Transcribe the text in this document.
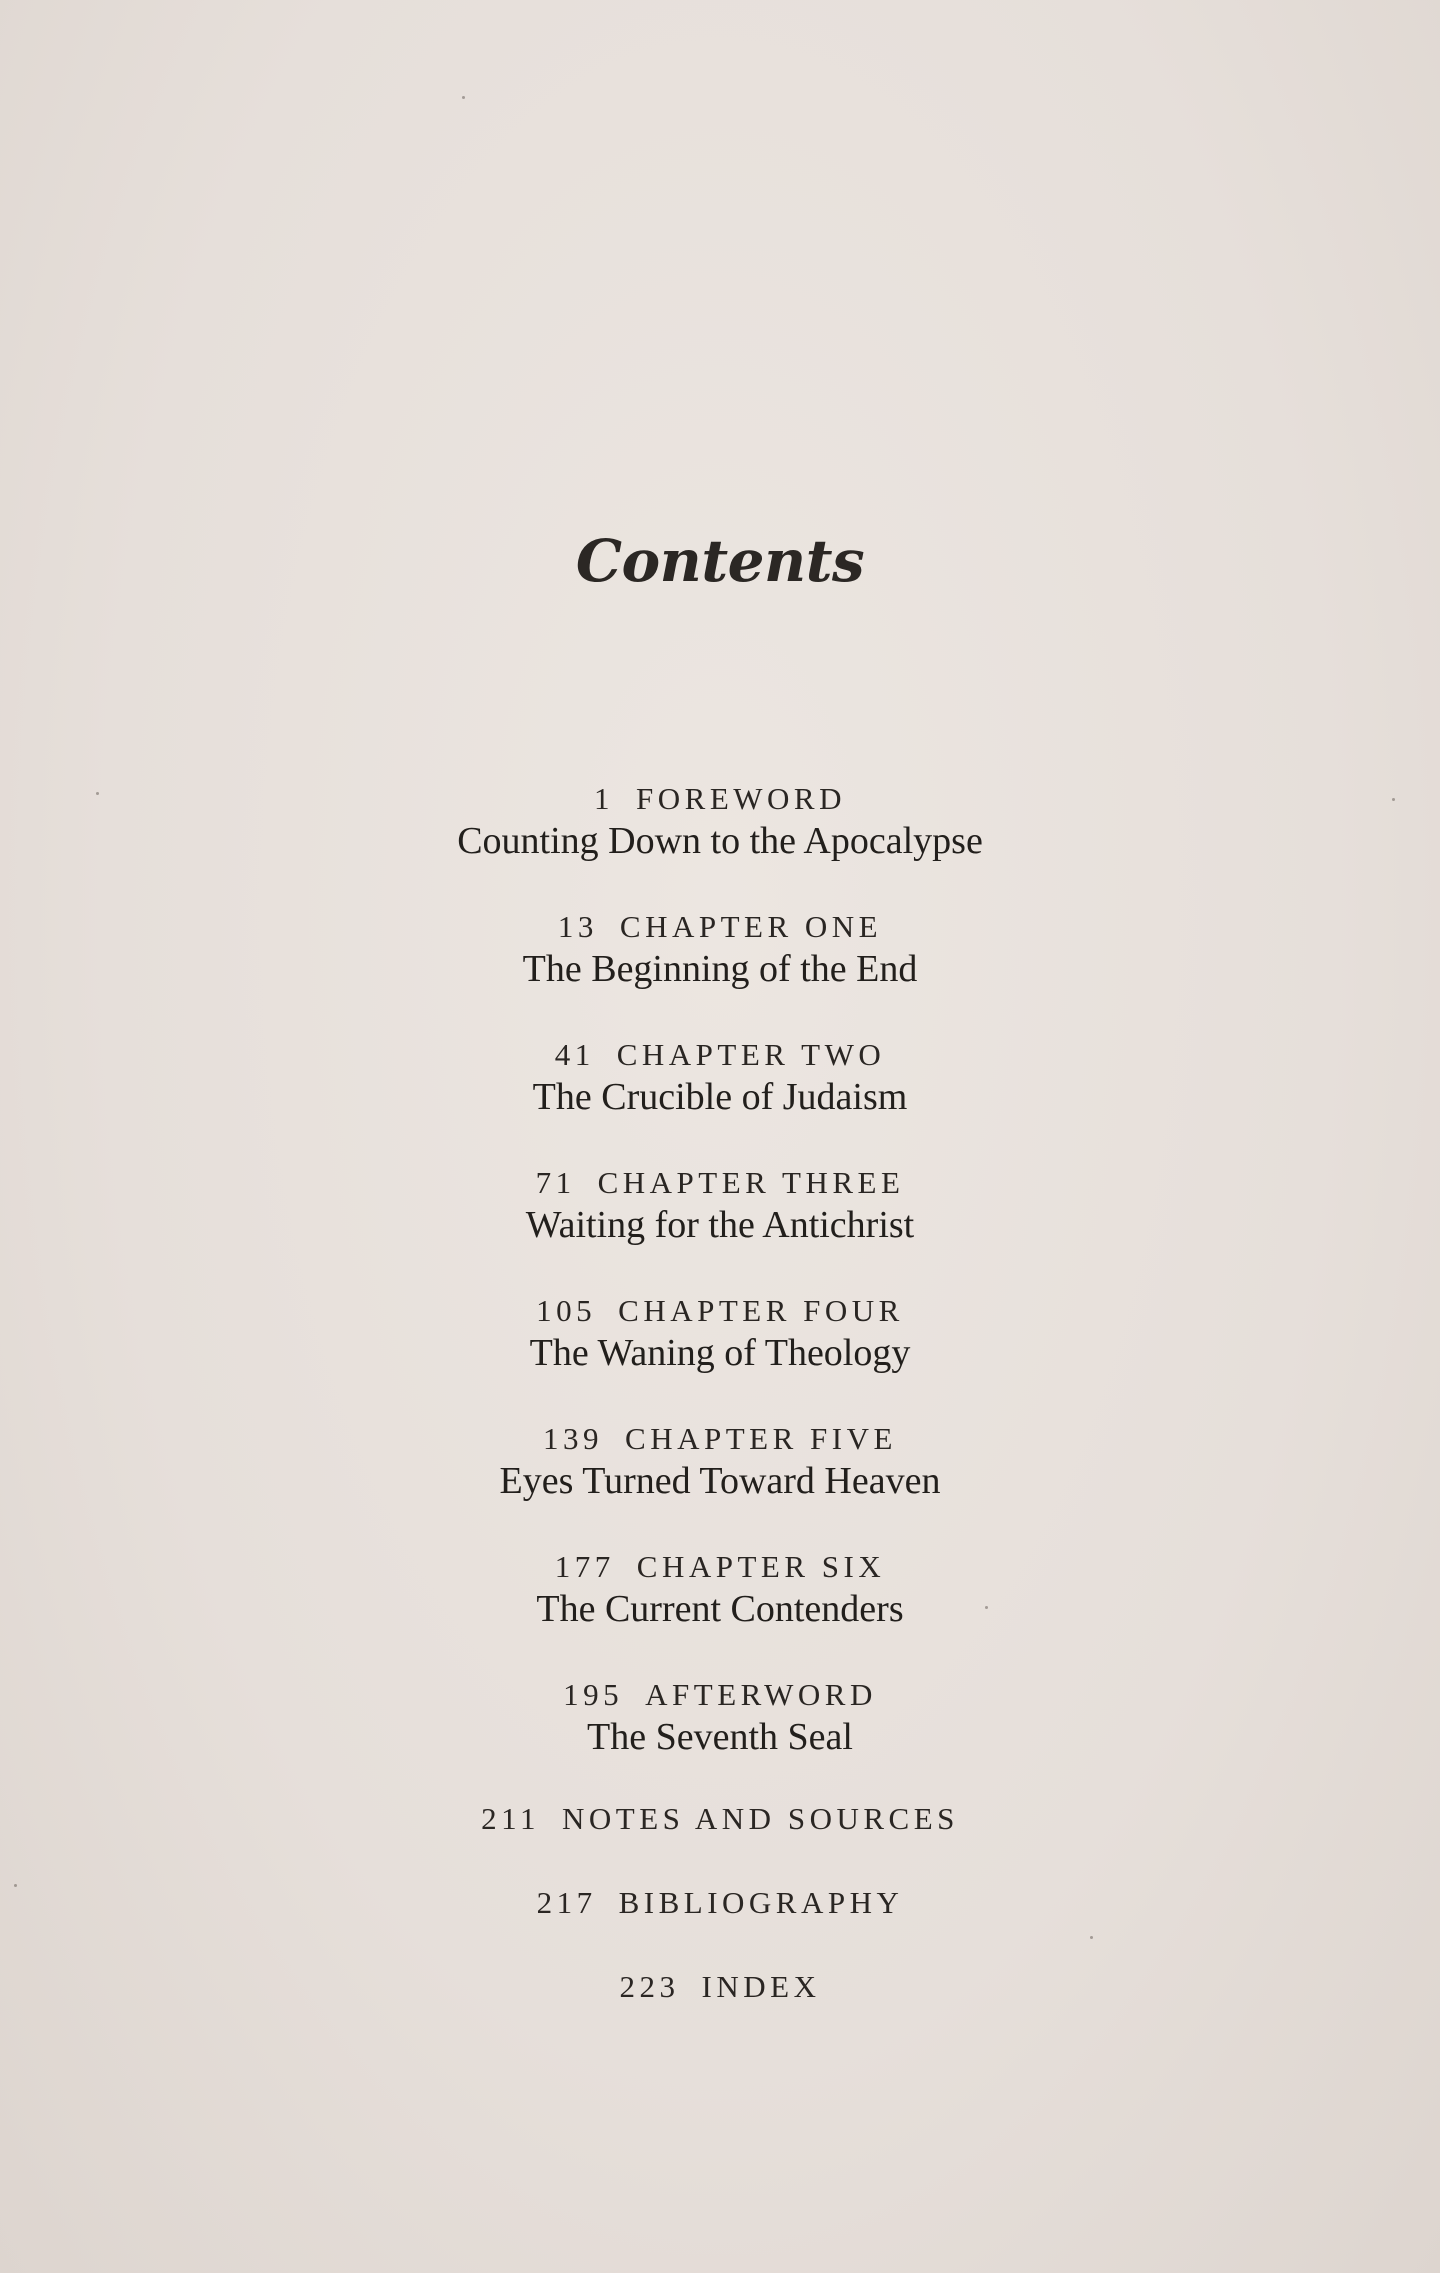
Contents
1 FOREWORD
Counting Down to the Apocalypse
13 CHAPTER ONE
The Beginning of the End
41 CHAPTER TWO
The Crucible of Judaism
71 CHAPTER THREE
Waiting for the Antichrist
105 CHAPTER FOUR
The Waning of Theology
139 CHAPTER FIVE
Eyes Turned Toward Heaven
177 CHAPTER SIX
The Current Contenders
195 AFTERWORD
The Seventh Seal
211 NOTES AND SOURCES
217 BIBLIOGRAPHY
223 INDEX
